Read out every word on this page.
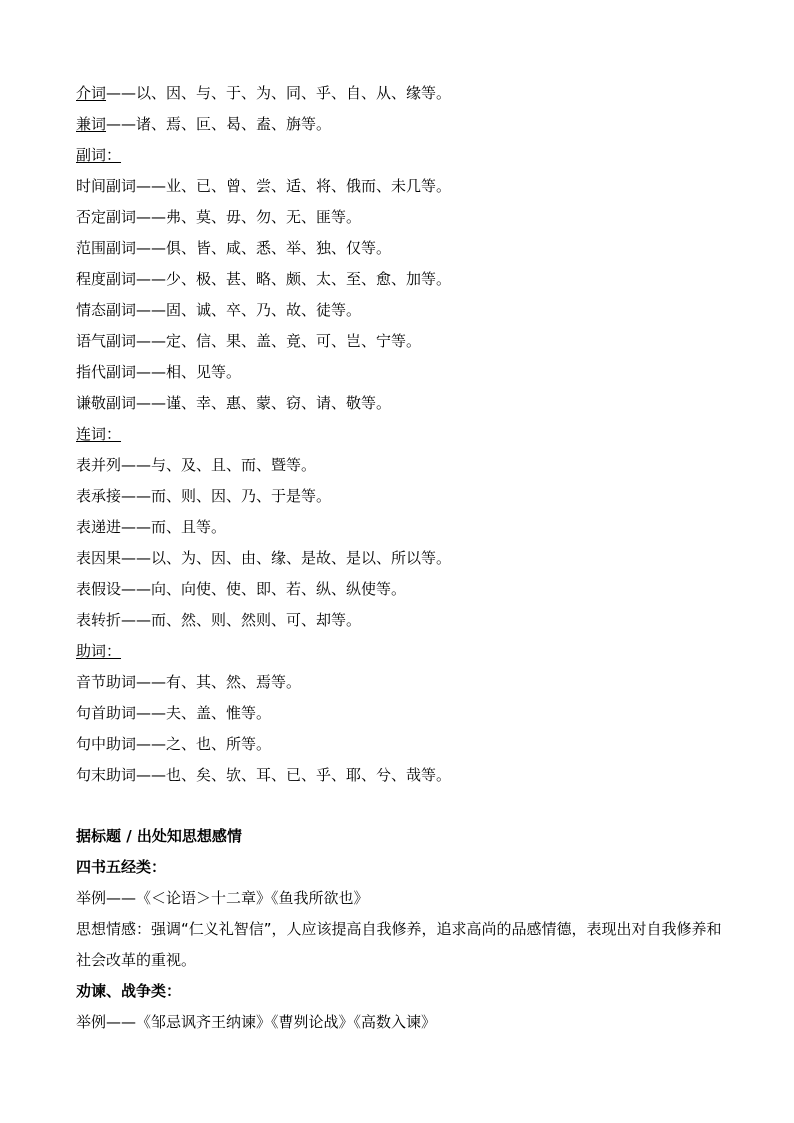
介词——以、因、与、于、为、同、乎、自、从、缘等。
兼词——诸、焉、叵、曷、盍、旃等。
副词：
时间副词——业、已、曾、尝、适、将、俄而、未几等。
否定副词——弗、莫、毋、勿、无、匪等。
范围副词——俱、皆、咸、悉、举、独、仅等。
程度副词——少、极、甚、略、颇、太、至、愈、加等。
情态副词——固、诚、卒、乃、故、徒等。
语气副词——定、信、果、盖、竟、可、岂、宁等。
指代副词——相、见等。
谦敬副词——谨、幸、惠、蒙、窃、请、敬等。
连词：
表并列——与、及、且、而、暨等。
表承接——而、则、因、乃、于是等。
表递进——而、且等。
表因果——以、为、因、由、缘、是故、是以、所以等。
表假设——向、向使、使、即、若、纵、纵使等。
表转折——而、然、则、然则、可、却等。
助词：
音节助词——有、其、然、焉等。
句首助词——夫、盖、惟等。
句中助词——之、也、所等。
句末助词——也、矣、欤、耳、已、乎、耶、兮、哉等。
据标题 / 出处知思想感情
四书五经类：
举例——《＜论语＞十二章》《鱼我所欲也》
思想情感：强调“仁义礼智信”，人应该提高自我修养，追求高尚的品感情德，表现出对自我修养和社会改革的重视。
劝谏、战争类：
举例——《邹忌讽齐王纳谏》《曹刿论战》《高数入谏》
